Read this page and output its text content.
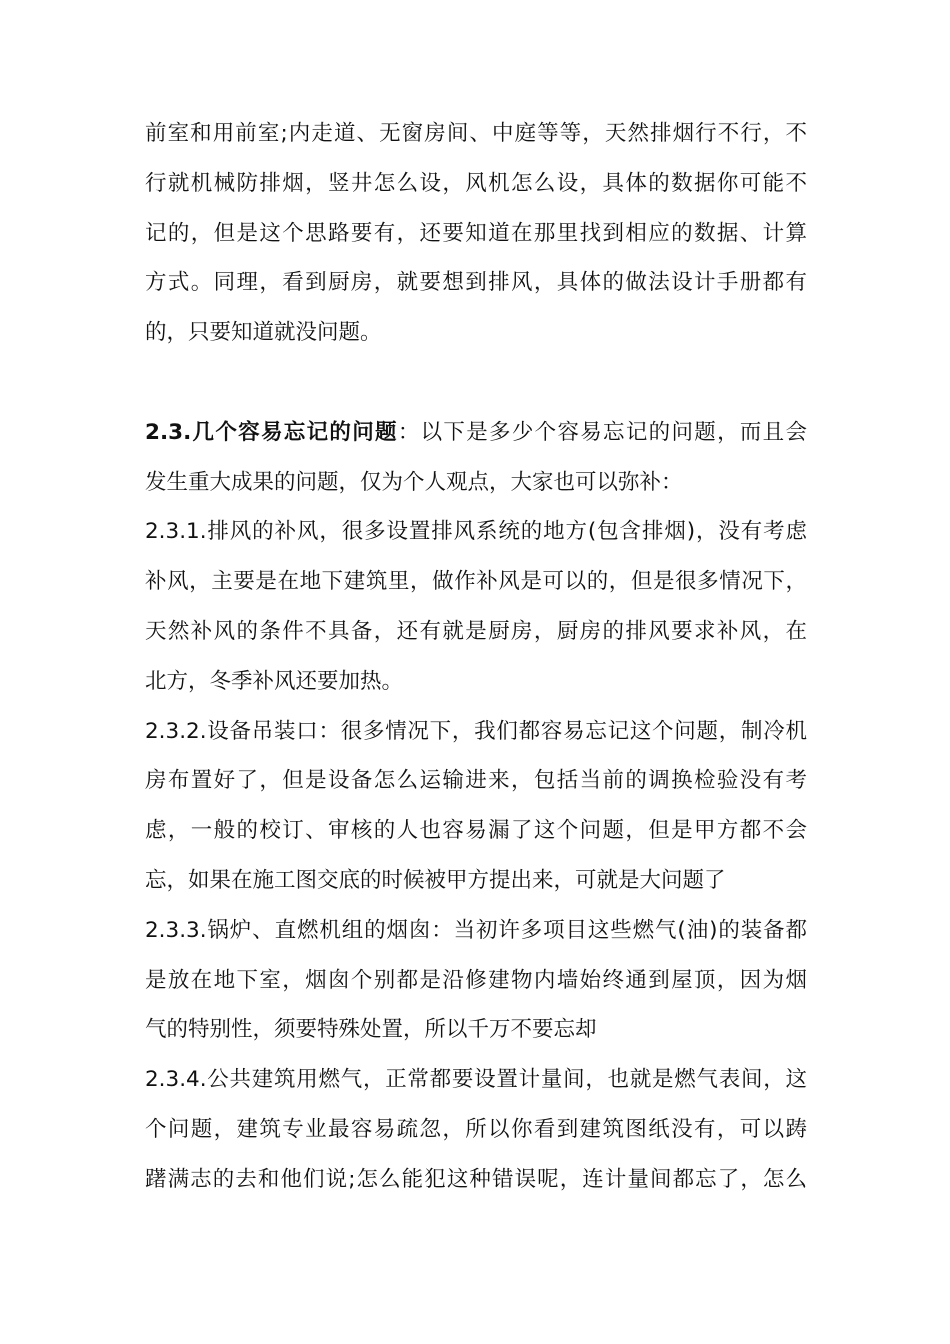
前室和用前室;内走道、无窗房间、中庭等等，天然排烟行不行，不
行就机械防排烟，竖井怎么设，风机怎么设，具体的数据你可能不
记的，但是这个思路要有，还要知道在那里找到相应的数据、计算
方式。同理，看到厨房，就要想到排风，具体的做法设计手册都有
的，只要知道就没问题。
2.3.几个容易忘记的问题：以下是多少个容易忘记的问题，而且会
发生重大成果的问题，仅为个人观点，大家也可以弥补：
2.3.1.排风的补风，很多设置排风系统的地方(包含排烟)，没有考虑
补风，主要是在地下建筑里，做作补风是可以的，但是很多情况下，
天然补风的条件不具备，还有就是厨房，厨房的排风要求补风，在
北方，冬季补风还要加热。
2.3.2.设备吊装口：很多情况下，我们都容易忘记这个问题，制冷机
房布置好了，但是设备怎么运输进来，包括当前的调换检验没有考
虑，一般的校订、审核的人也容易漏了这个问题，但是甲方都不会
忘，如果在施工图交底的时候被甲方提出来，可就是大问题了
2.3.3.锅炉、直燃机组的烟囱：当初许多项目这些燃气(油)的装备都
是放在地下室，烟囱个别都是沿修建物内墙始终通到屋顶，因为烟
气的特别性，须要特殊处置，所以千万不要忘却
2.3.4.公共建筑用燃气，正常都要设置计量间，也就是燃气表间，这
个问题，建筑专业最容易疏忽，所以你看到建筑图纸没有，可以踌
躇满志的去和他们说;怎么能犯这种错误呢，连计量间都忘了，怎么
